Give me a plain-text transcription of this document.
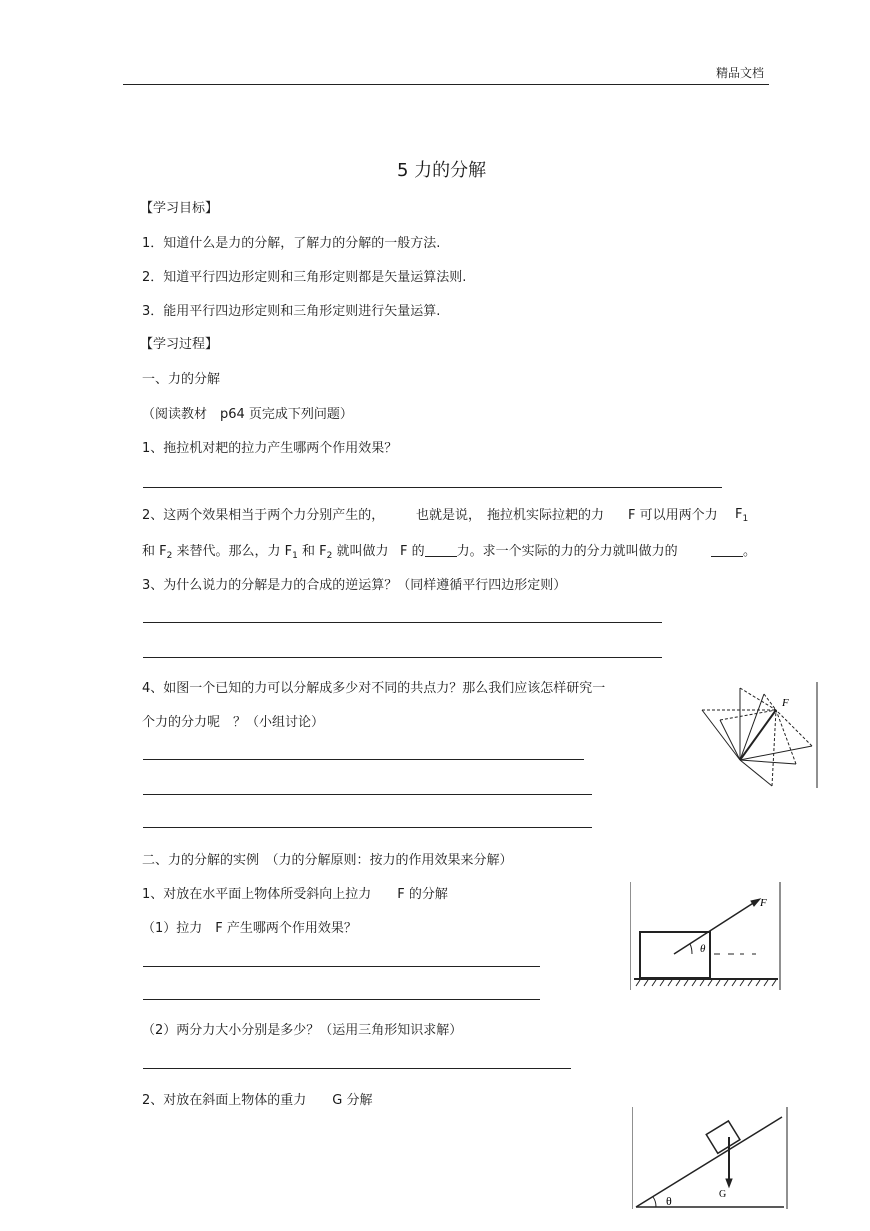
精品文档
5 力的分解
【学习目标】
1．知道什么是力的分解，了解力的分解的一般方法.
2．知道平行四边形定则和三角形定则都是矢量运算法则.
3．能用平行四边形定则和三角形定则进行矢量运算.
【学习过程】
一、力的分解
（阅读教材　p64 页完成下列问题）
1、拖拉机对耙的拉力产生哪两个作用效果？
2、这两个效果相当于两个力分别产生的， 也就是说， 拖拉机实际拉耙的力 F 可以用两个力 $F_1$
和 $F_2$ 来替代。那么，力 $F_1$ 和 $F_2$ 就叫做力 F 的 力。求一个实际的力的分力就叫做力的	。
3、为什么说力的分解是力的合成的逆运算？（同样遵循平行四边形定则）
4、如图一个已知的力可以分解成多少对不同的共点力？那么我们应该怎样研究一
个力的分力呢　？（小组讨论）
F
二、力的分解的实例　（力的分解原则：按力的作用效果来分解）
1、对放在水平面上物体所受斜向上拉力　　F 的分解
（1）拉力　F 产生哪两个作用效果？
（2）两分力大小分别是多少？（运用三角形知识求解）
2、对放在斜面上物体的重力　　G 分解
F
θ
θ	G
